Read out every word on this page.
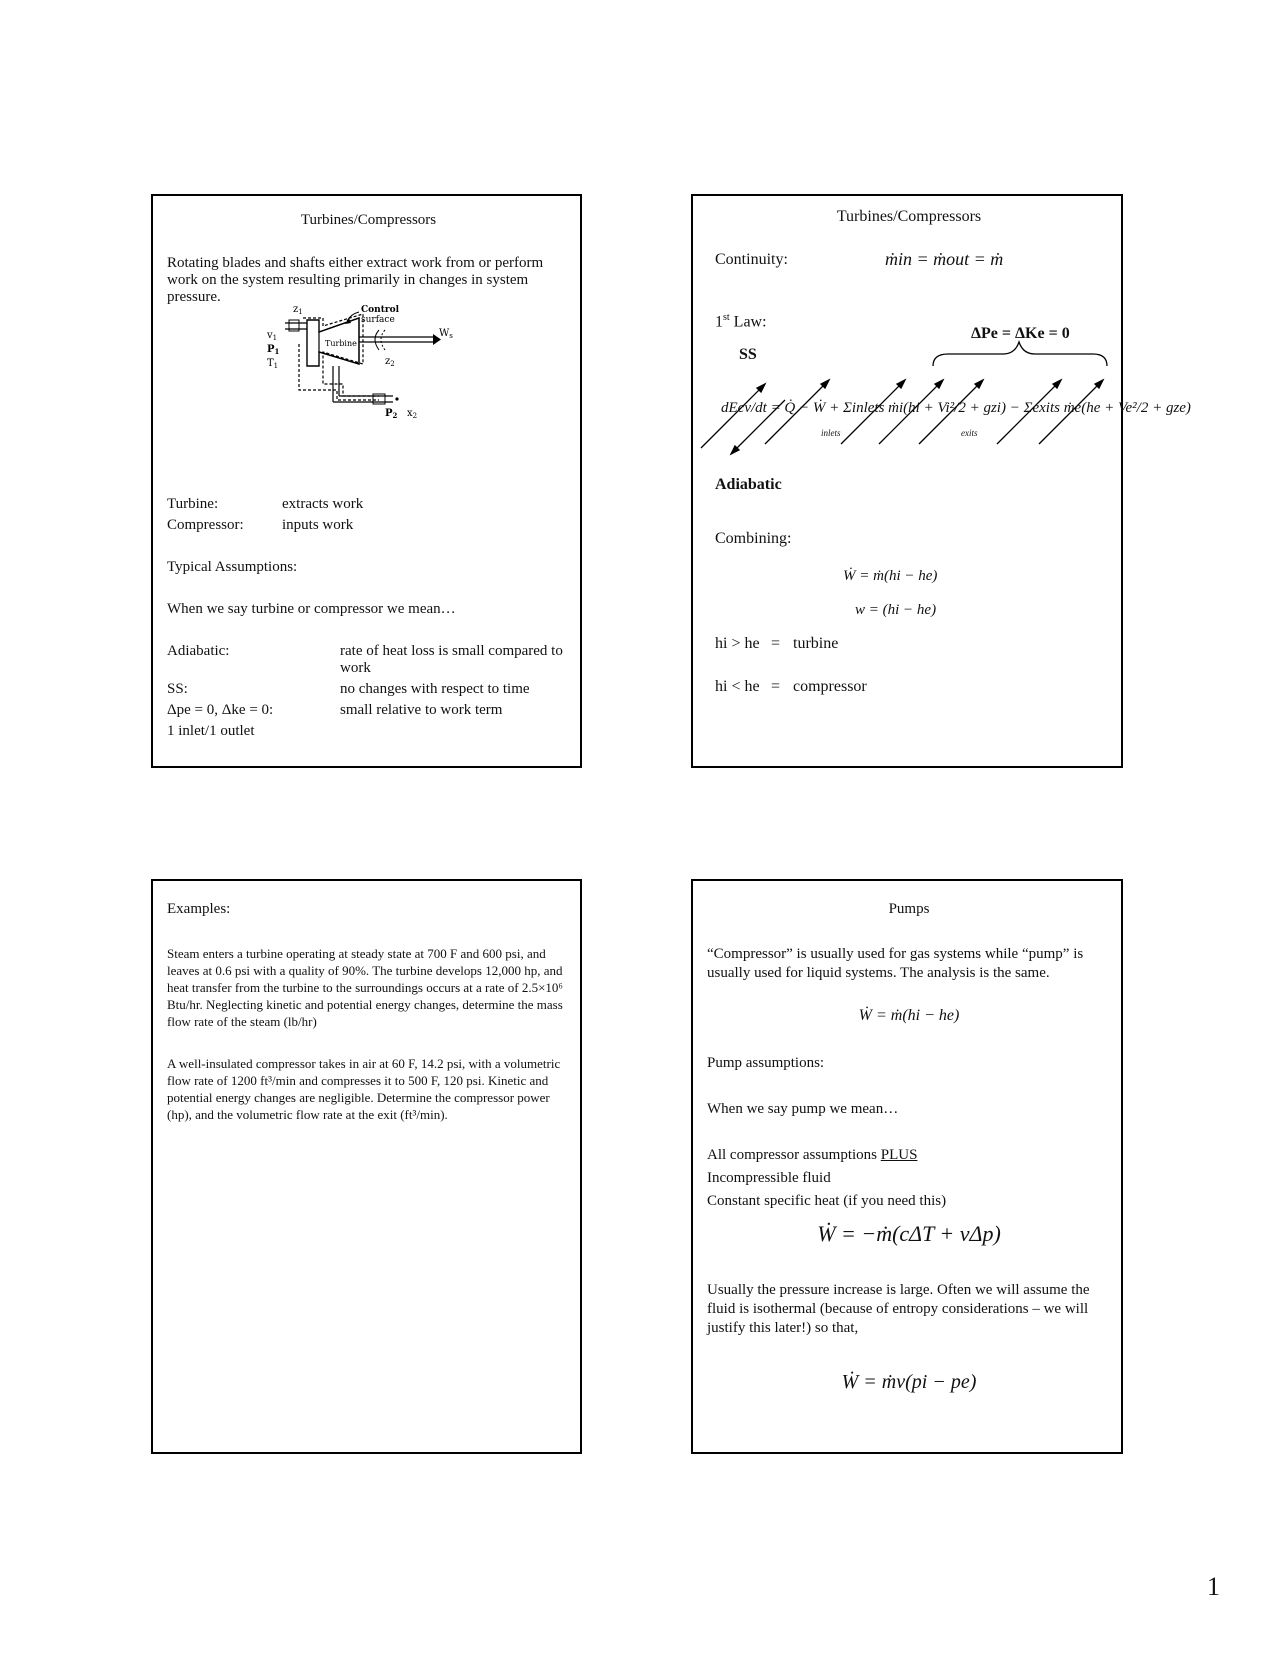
Turbines/Compressors
Rotating blades and shafts either extract work from or perform work on the system resulting primarily in changes in system pressure.
$z_1$	Control
surface
$v_1$
$P_1$
$T_1$
Turbine
$W_s$
$z_2$
$P_2$ $x_2$
Turbine:	extracts work
Compressor:	inputs work
Typical Assumptions:
When we say turbine or compressor we mean…
Adiabatic:	rate of heat loss is small compared to work
SS:	no changes with respect to time
Δpe = 0, Δke = 0:	small relative to work term
1 inlet/1 outlet
Turbines/Compressors
Continuity:	ṁin = ṁout = ṁ
1st Law:
ΔPe = ΔKe = 0
SS
dEcv/dt = Q̇ − Ẇ + Σinlets ṁi(hi + Vi²/2 + gzi) − Σexits ṁe(he + Ve²/2 + gze)
inlets	exits
Adiabatic
Combining:
Ẇ = ṁ(hi − he)
w = (hi − he)
hi > he = turbine
hi < he = compressor
Examples:
Steam enters a turbine operating at steady state at 700 F and 600 psi, and leaves at 0.6 psi with a quality of 90%. The turbine develops 12,000 hp, and heat transfer from the turbine to the surroundings occurs at a rate of 2.5×10⁶ Btu/hr. Neglecting kinetic and potential energy changes, determine the mass flow rate of the steam (lb/hr)
A well-insulated compressor takes in air at 60 F, 14.2 psi, with a volumetric flow rate of 1200 ft³/min and compresses it to 500 F, 120 psi. Kinetic and potential energy changes are negligible. Determine the compressor power (hp), and the volumetric flow rate at the exit (ft³/min).
Pumps
“Compressor” is usually used for gas systems while “pump” is usually used for liquid systems. The analysis is the same.
Ẇ = ṁ(hi − he)
Pump assumptions:
When we say pump we mean…
All compressor assumptions PLUS
Incompressible fluid
Constant specific heat (if you need this)
Ẇ = −ṁ(cΔT + vΔp)
Usually the pressure increase is large. Often we will assume the fluid is isothermal (because of entropy considerations – we will justify this later!) so that,
Ẇ = ṁv(pi − pe)
1
